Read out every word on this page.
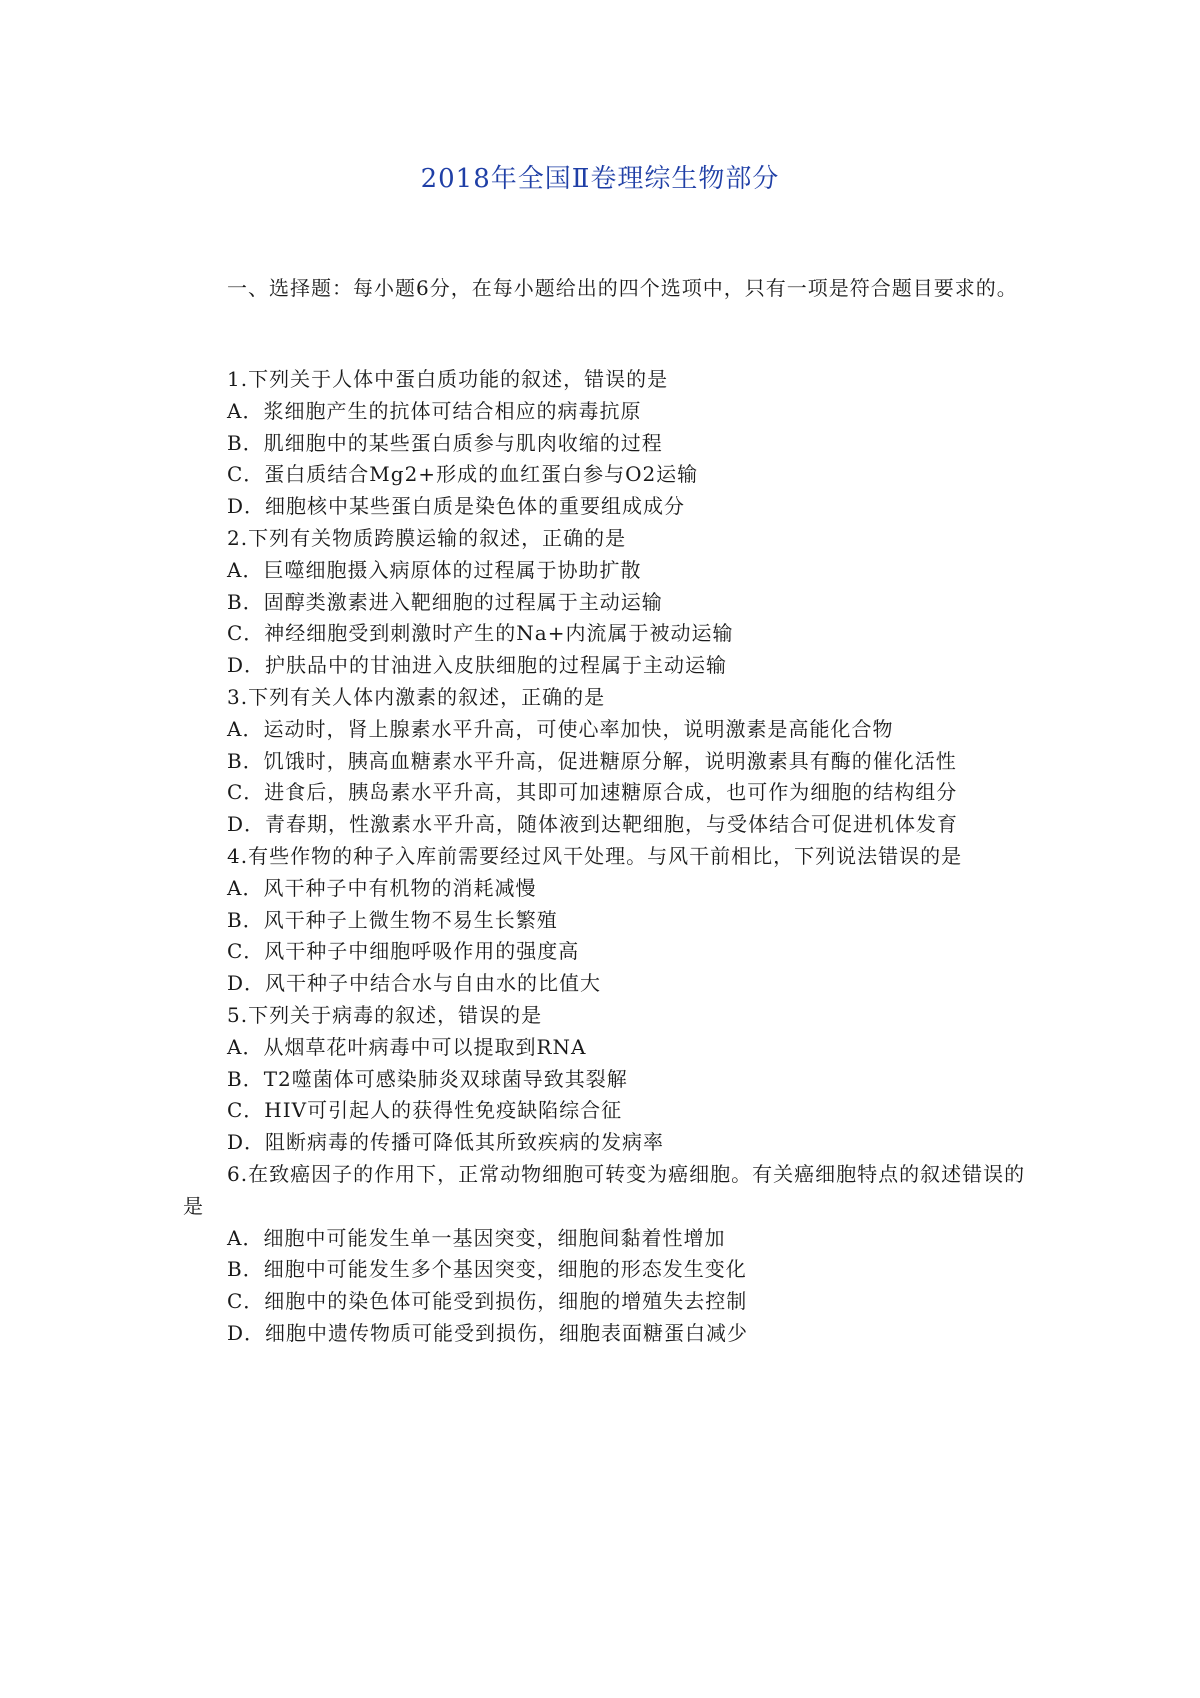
2018年全国Ⅱ卷理综生物部分
一、选择题：每小题6分，在每小题给出的四个选项中，只有一项是符合题目要求的。

1.下列关于人体中蛋白质功能的叙述，错误的是

A．浆细胞产生的抗体可结合相应的病毒抗原

B．肌细胞中的某些蛋白质参与肌肉收缩的过程

C．蛋白质结合Mg2+形成的血红蛋白参与O2运输

D．细胞核中某些蛋白质是染色体的重要组成成分

2.下列有关物质跨膜运输的叙述，正确的是

A．巨噬细胞摄入病原体的过程属于协助扩散

B．固醇类激素进入靶细胞的过程属于主动运输

C．神经细胞受到刺激时产生的Na+内流属于被动运输

D．护肤品中的甘油进入皮肤细胞的过程属于主动运输

3.下列有关人体内激素的叙述，正确的是

A．运动时，肾上腺素水平升高，可使心率加快，说明激素是高能化合物

B．饥饿时，胰高血糖素水平升高，促进糖原分解，说明激素具有酶的催化活性

C．进食后，胰岛素水平升高，其即可加速糖原合成，也可作为细胞的结构组分

D．青春期，性激素水平升高，随体液到达靶细胞，与受体结合可促进机体发育

4.有些作物的种子入库前需要经过风干处理。与风干前相比，下列说法错误的是

A．风干种子中有机物的消耗减慢

B．风干种子上微生物不易生长繁殖

C．风干种子中细胞呼吸作用的强度高

D．风干种子中结合水与自由水的比值大

5.下列关于病毒的叙述，错误的是

A．从烟草花叶病毒中可以提取到RNA

B．T2噬菌体可感染肺炎双球菌导致其裂解

C．HIV可引起人的获得性免疫缺陷综合征

D．阻断病毒的传播可降低其所致疾病的发病率

6.在致癌因子的作用下，正常动物细胞可转变为癌细胞。有关癌细胞特点的叙述错误的是

A．细胞中可能发生单一基因突变，细胞间黏着性增加

B．细胞中可能发生多个基因突变，细胞的形态发生变化

C．细胞中的染色体可能受到损伤，细胞的增殖失去控制

D．细胞中遗传物质可能受到损伤，细胞表面糖蛋白减少
